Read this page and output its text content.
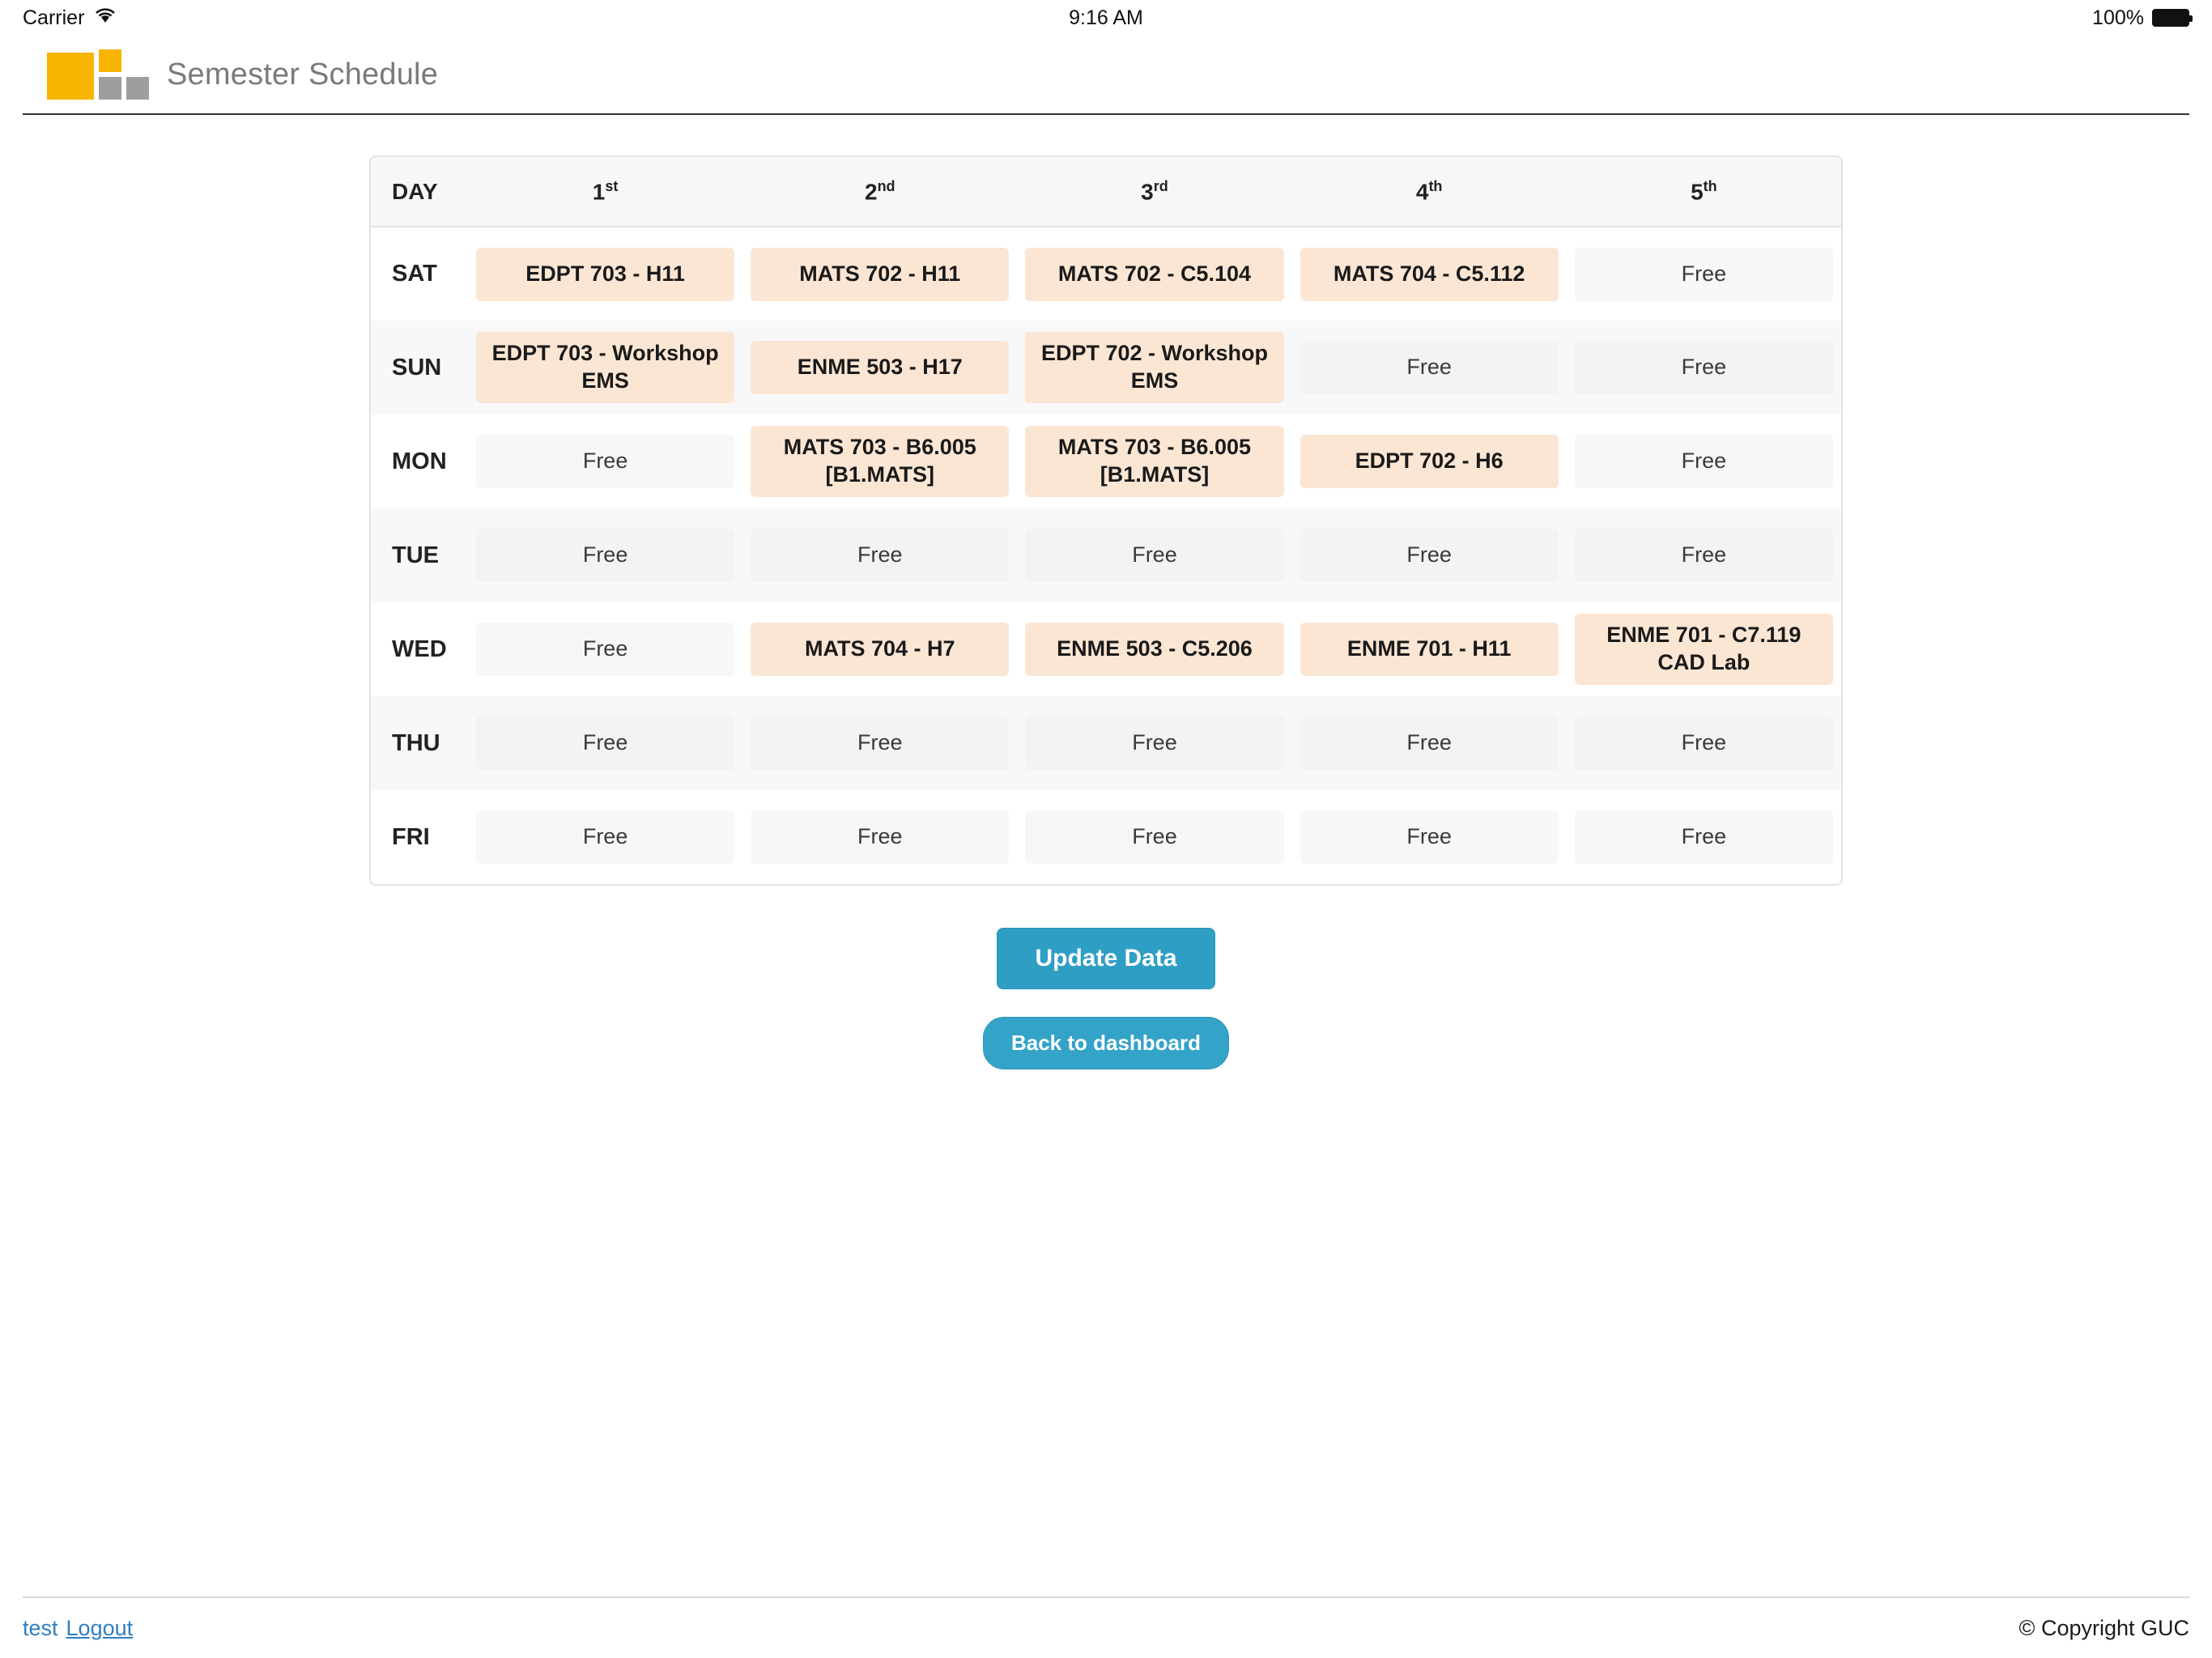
Carrier	9:16 AM	100%
Semester Schedule
DAY	1st	2nd	3rd	4th	5th
SAT	EDPT 703 - H11	MATS 702 - H11	MATS 702 - C5.104	MATS 704 - C5.112	Free

SUN	EDPT 703 - Workshop EMS	ENME 503 - H17	EDPT 702 - Workshop EMS	Free	Free

MON	Free	MATS 703 - B6.005 [B1.MATS]	MATS 703 - B6.005 [B1.MATS]	EDPT 702 - H6	Free

TUE	Free	Free	Free	Free	Free

WED	Free	MATS 704 - H7	ENME 503 - C5.206	ENME 701 - H11	ENME 701 - C7.119 CAD Lab

THU	Free	Free	Free	Free	Free

FRI	Free	Free	Free	Free	Free
Update Data
Back to dashboard
test Logout	© Copyright GUC
